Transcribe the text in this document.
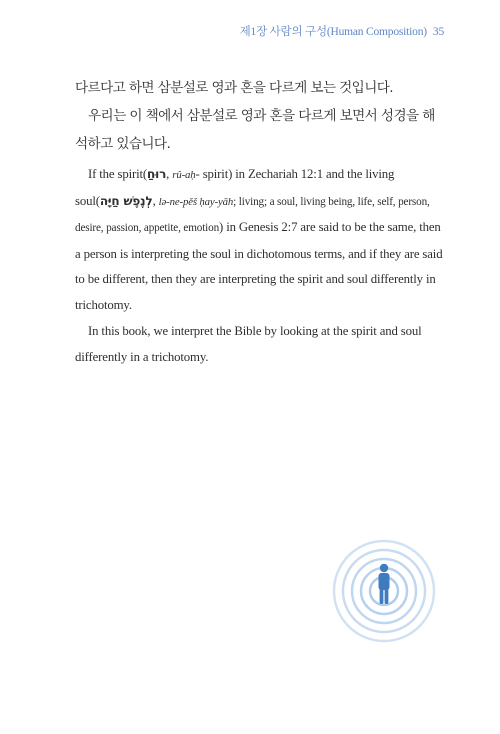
제1장 사람의 구성(Human Composition) 35

다르다고 하면 삼분설로 영과 혼을 다르게 보는 것입니다.

우리는 이 책에서 삼분설로 영과 혼을 다르게 보면서 성경을 해석하고 있습니다.

If the spirit(רוּחַ, rû-aḥ- spirit) in Zechariah 12:1 and the living soul(לְנֶפֶשׁ חַיָּה, lə-ne-pěš ḥay-yāh; living; a soul, living being, life, self, person, desire, passion, appetite, emotion) in Genesis 2:7 are said to be the same, then a person is interpreting the soul in dichotomous terms, and if they are said to be different, then they are interpreting the spirit and soul differently in trichotomy.

In this book, we interpret the Bible by looking at the spirit and soul differently in a trichotomy.
